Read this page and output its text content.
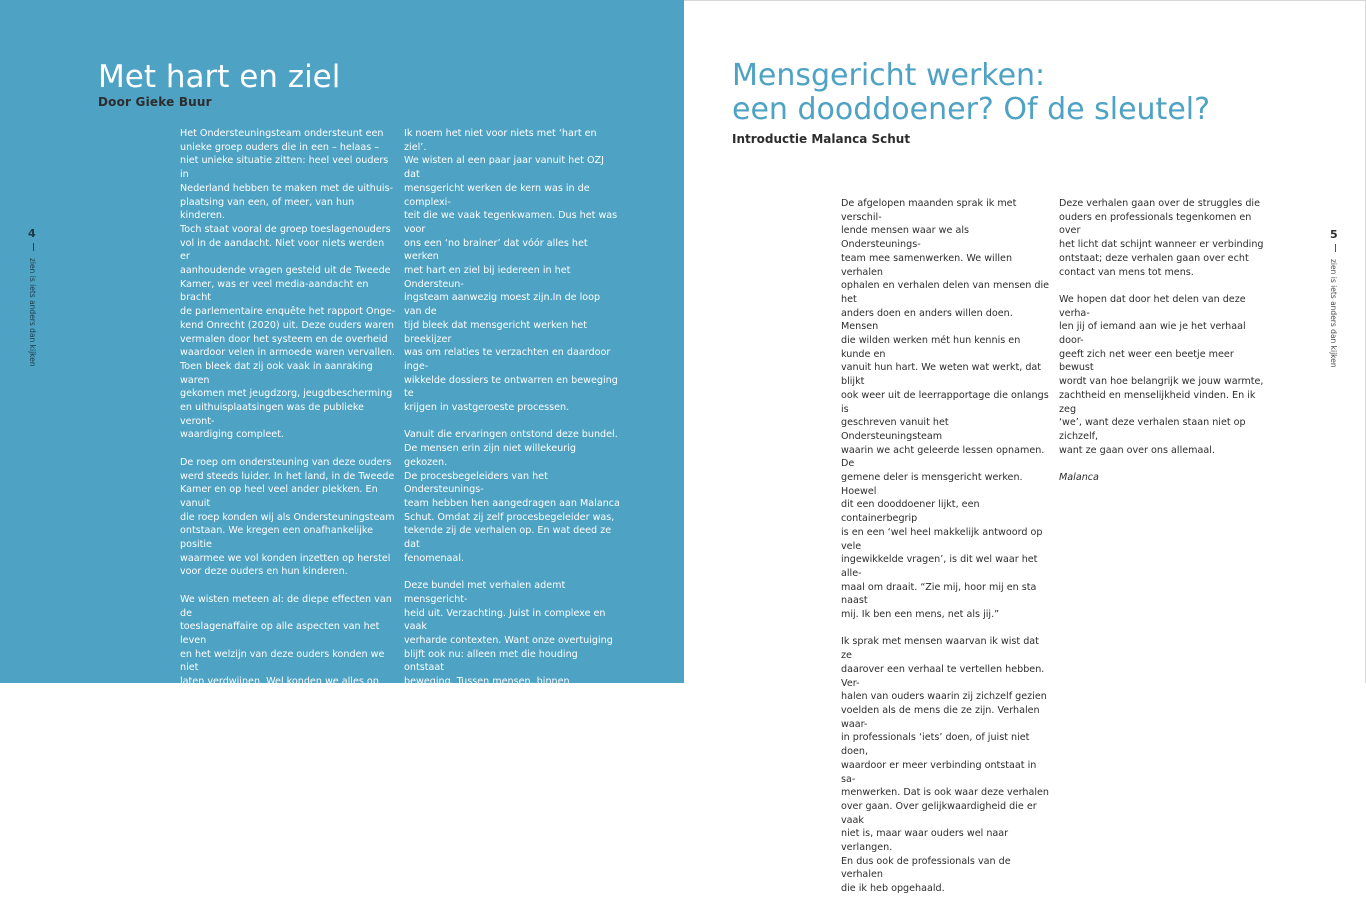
Met hart en ziel
Door Gieke Buur
4
zien is iets anders dan kijken

Het Ondersteuningsteam ondersteunt een
unieke groep ouders die in een – helaas –
niet unieke situatie zitten: heel veel ouders in
Nederland hebben te maken met de uithuis-
plaatsing van een, of meer, van hun kinderen.
Toch staat vooral de groep toeslagenouders
vol in de aandacht. Niet voor niets werden er
aanhoudende vragen gesteld uit de Tweede
Kamer, was er veel media-aandacht en bracht
de parlementaire enquête het rapport Onge-
kend Onrecht (2020) uit. Deze ouders waren
vermalen door het systeem en de overheid
waardoor velen in armoede waren vervallen.
Toen bleek dat zij ook vaak in aanraking waren
gekomen met jeugdzorg, jeugdbescherming
en uithuisplaatsingen was de publieke veront-
waardiging compleet.

De roep om ondersteuning van deze ouders
werd steeds luider. In het land, in de Tweede
Kamer en op heel veel ander plekken. En vanuit
die roep konden wij als Ondersteuningsteam
ontstaan. We kregen een onafhankelijke positie
waarmee we vol konden inzetten op herstel
voor deze ouders en hun kinderen.

We wisten meteen al: de diepe effecten van de
toeslagenaffaire op alle aspecten van het leven
en het welzijn van deze ouders konden we niet
laten verdwijnen. Wel konden we alles op alles
zetten om juist voor deze ouders en hun kinderen
vanuit een neutrale rol te doen wat nodig was.
Met hart en ziel.

Ik noem het niet voor niets met ‘hart en ziel’.
We wisten al een paar jaar vanuit het OZJ dat
mensgericht werken de kern was in de complexi-
teit die we vaak tegenkwamen. Dus het was voor
ons een ‘no brainer’ dat vóór alles het werken
met hart en ziel bij iedereen in het Ondersteun-
ingsteam aanwezig moest zijn.In de loop van de
tijd bleek dat mensgericht werken het breekijzer
was om relaties te verzachten en daardoor inge-
wikkelde dossiers te ontwarren en beweging te
krijgen in vastgeroeste processen.

Vanuit die ervaringen ontstond deze bundel.
De mensen erin zijn niet willekeurig gekozen.
De procesbegeleiders van het Ondersteunings-
team hebben hen aangedragen aan Malanca
Schut. Omdat zij zelf procesbegeleider was,
tekende zij de verhalen op. En wat deed ze dat
fenomenaal.

Deze bundel met verhalen ademt mensgericht-
heid uit. Verzachting. Juist in complexe en vaak
verharde contexten. Want onze overtuiging
blijft ook nu: alleen met die houding ontstaat
beweging. Tussen mensen, binnen organisaties
en in het systeem. Ik zou zeggen: laat je inspire-
ren. Maar vooral; ga het doen.

Gieke Buur
Programmamanager OZJ
(Ondersteuningsteam Zorg voor de Jeugd)

Mensgericht werken:
een dooddoener? Of de sleutel?
Introductie Malanca Schut
5
zien is iets anders dan kijken

De afgelopen maanden sprak ik met verschil-
lende mensen waar we als Ondersteunings-
team mee samenwerken. We willen verhalen
ophalen en verhalen delen van mensen die het
anders doen en anders willen doen. Mensen
die wilden werken mét hun kennis en kunde en
vanuit hun hart. We weten wat werkt, dat blijkt
ook weer uit de leerrapportage die onlangs is
geschreven vanuit het Ondersteuningsteam
waarin we acht geleerde lessen opnamen. De
gemene deler is mensgericht werken. Hoewel
dit een dooddoener lijkt, een containerbegrip
is en een ‘wel heel makkelijk antwoord op vele
ingewikkelde vragen’, is dit wel waar het alle-
maal om draait. “Zie mij, hoor mij en sta naast
mij. Ik ben een mens, net als jij.”

Ik sprak met mensen waarvan ik wist dat ze
daarover een verhaal te vertellen hebben. Ver-
halen van ouders waarin zij zichzelf gezien
voelden als de mens die ze zijn. Verhalen waar-
in professionals ‘iets’ doen, of juist niet doen,
waardoor er meer verbinding ontstaat in sa-
menwerken. Dat is ook waar deze verhalen
over gaan. Over gelijkwaardigheid die er vaak
niet is, maar waar ouders wel naar verlangen.
En dus ook de professionals van de verhalen
die ik heb opgehaald.

Deze verhalen gaan over de struggles die
ouders en professionals tegenkomen en over
het licht dat schijnt wanneer er verbinding
ontstaat; deze verhalen gaan over echt
contact van mens tot mens.

We hopen dat door het delen van deze verha-
len jij of iemand aan wie je het verhaal door-
geeft zich net weer een beetje meer bewust
wordt van hoe belangrijk we jouw warmte,
zachtheid en menselijkheid vinden. En ik zeg
‘we’, want deze verhalen staan niet op zichzelf,
want ze gaan over ons allemaal.

Malanca
